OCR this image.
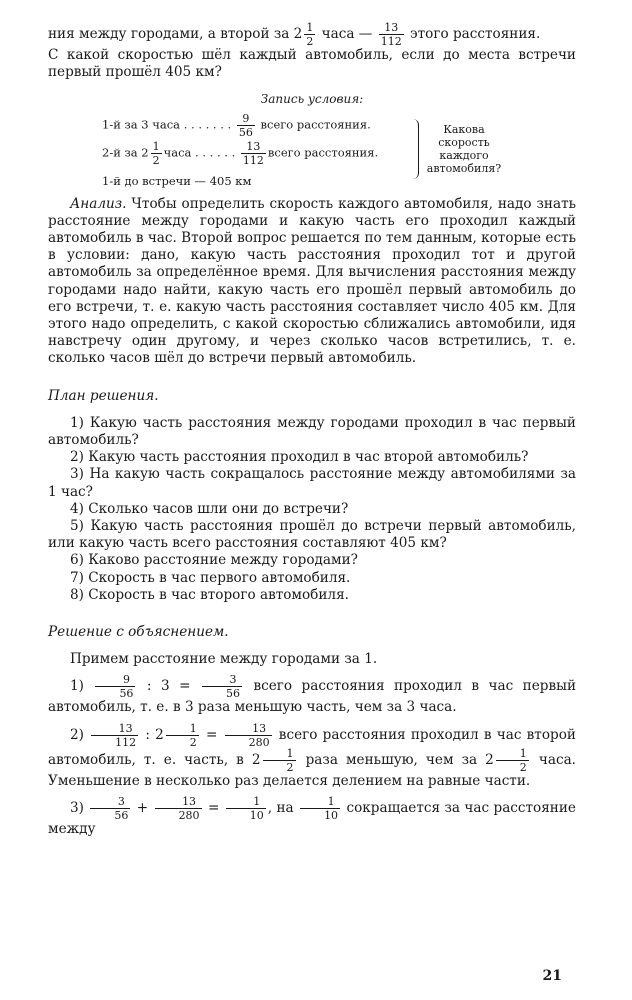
ния между городами, а второй за $2 \frac{1}{2}$ часа — $\frac{13}{112}$ этого расстояния.

С какой скоростью шёл каждый автомобиль, если до места встречи первый прошёл 405 км?

Запись условия:
1-й за 3 часа . . . . . . . $\frac{9}{56}$ всего расстояния.
2-й за $2 \frac{1}{2}$ часа . . . . . . $\frac{13}{112}$ всего расстояния.
1-й до встречи — 405 км
Какова скорость каждого автомобиля?

Анализ. Чтобы определить скорость каждого автомобиля, надо знать расстояние между городами и какую часть его проходил каждый автомобиль в час. Второй вопрос решается по тем данным, которые есть в условии: дано, какую часть расстояния проходил тот и другой автомобиль за определённое время. Для вычисления расстояния между городами надо найти, какую часть его прошёл первый автомобиль до его встречи, т. е. какую часть расстояния составляет число 405 км. Для этого надо определить, с какой скоростью сближались автомобили, идя навстречу один другому, и через сколько часов встретились, т. е. сколько часов шёл до встречи первый автомобиль.

План решения.

1) Какую часть расстояния между городами проходил в час первый автомобиль?

2) Какую часть расстояния проходил в час второй автомобиль?

3) На какую часть сокращалось расстояние между автомобилями за 1 час?

4) Сколько часов шли они до встречи?

5) Какую часть расстояния прошёл до встречи первый автомобиль, или какую часть всего расстояния составляют 405 км?

6) Каково расстояние между городами?

7) Скорость в час первого автомобиля.

8) Скорость в час второго автомобиля.

Решение с объяснением.

Примем расстояние между городами за 1.

$1) \frac{9}{56}$ : $3 = \frac{3}{56}$ всего расстояния проходил в час первый автомобиль, т. е. в 3 раза меньшую часть, чем за 3 часа.

$2) \frac{13}{112}$ : $2 \frac{1}{2} = \frac{13}{280}$ всего расстояния проходил в час второй автомобиль, т. е. часть, в $2 \frac{1}{2}$ раза меньшую, чем за $2 \frac{1}{2}$ часа. Уменьшение в несколько раз делается делением на равные части.

$3) \frac{3}{56} + \frac{13}{280} = \frac{1}{10}$ , на $\frac{1}{10}$ сокращается за час расстояние между

21
